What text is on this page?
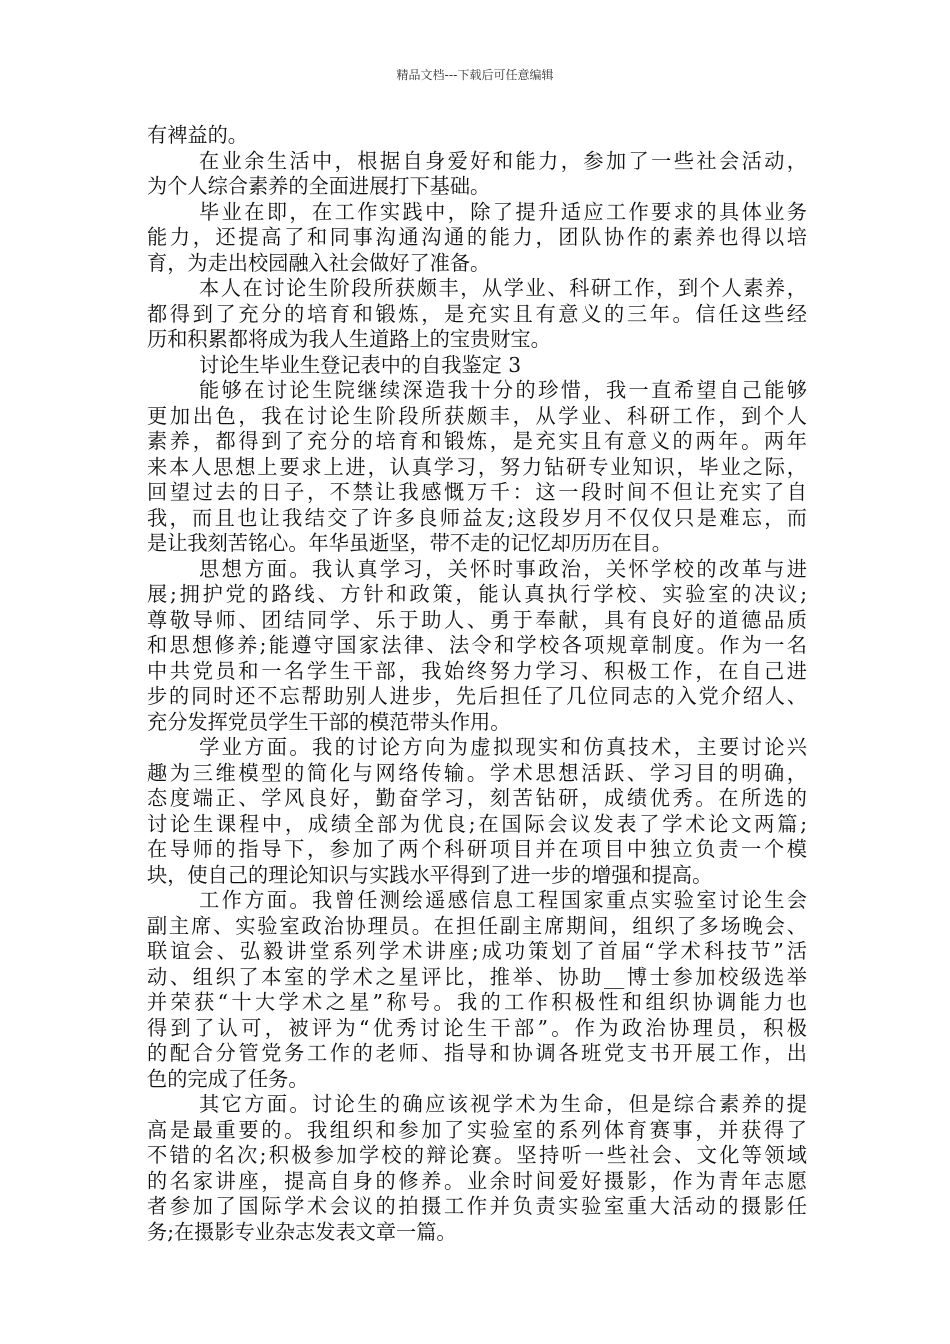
精品文档---下载后可任意编辑
有裨益的。
在业余生活中，根据自身爱好和能力，参加了一些社会活动，
为个人综合素养的全面进展打下基础。
毕业在即，在工作实践中，除了提升适应工作要求的具体业务
能力，还提高了和同事沟通沟通的能力，团队协作的素养也得以培
育，为走出校园融入社会做好了准备。
本人在讨论生阶段所获颇丰，从学业、科研工作，到个人素养，
都得到了充分的培育和锻炼，是充实且有意义的三年。信任这些经
历和积累都将成为我人生道路上的宝贵财宝。
讨论生毕业生登记表中的自我鉴定 3
能够在讨论生院继续深造我十分的珍惜，我一直希望自己能够
更加出色，我在讨论生阶段所获颇丰，从学业、科研工作，到个人
素养，都得到了充分的培育和锻炼，是充实且有意义的两年。两年
来本人思想上要求上进，认真学习，努力钻研专业知识，毕业之际，
回望过去的日子，不禁让我感慨万千：这一段时间不但让充实了自
我，而且也让我结交了许多良师益友;这段岁月不仅仅只是难忘，而
是让我刻苦铭心。年华虽逝坚，带不走的记忆却历历在目。
思想方面。我认真学习，关怀时事政治，关怀学校的改革与进
展;拥护党的路线、方针和政策，能认真执行学校、实验室的决议;
尊敬导师、团结同学、乐于助人、勇于奉献，具有良好的道德品质
和思想修养;能遵守国家法律、法令和学校各项规章制度。作为一名
中共党员和一名学生干部，我始终努力学习、积极工作，在自己进
步的同时还不忘帮助别人进步，先后担任了几位同志的入党介绍人、
充分发挥党员学生干部的模范带头作用。
学业方面。我的讨论方向为虚拟现实和仿真技术，主要讨论兴
趣为三维模型的简化与网络传输。学术思想活跃、学习目的明确，
态度端正、学风良好，勤奋学习，刻苦钻研，成绩优秀。在所选的
讨论生课程中，成绩全部为优良;在国际会议发表了学术论文两篇;
在导师的指导下，参加了两个科研项目并在项目中独立负责一个模
块，使自己的理论知识与实践水平得到了进一步的增强和提高。
工作方面。我曾任测绘遥感信息工程国家重点实验室讨论生会
副主席、实验室政治协理员。在担任副主席期间，组织了多场晚会、
联谊会、弘毅讲堂系列学术讲座;成功策划了首届“学术科技节”活
动、组织了本室的学术之星评比，推举、协助__博士参加校级选举
并荣获“十大学术之星”称号。我的工作积极性和组织协调能力也
得到了认可，被评为“优秀讨论生干部”。作为政治协理员，积极
的配合分管党务工作的老师、指导和协调各班党支书开展工作，出
色的完成了任务。
其它方面。讨论生的确应该视学术为生命，但是综合素养的提
高是最重要的。我组织和参加了实验室的系列体育赛事，并获得了
不错的名次;积极参加学校的辩论赛。坚持听一些社会、文化等领域
的名家讲座，提高自身的修养。业余时间爱好摄影，作为青年志愿
者参加了国际学术会议的拍摄工作并负责实验室重大活动的摄影任
务;在摄影专业杂志发表文章一篇。
